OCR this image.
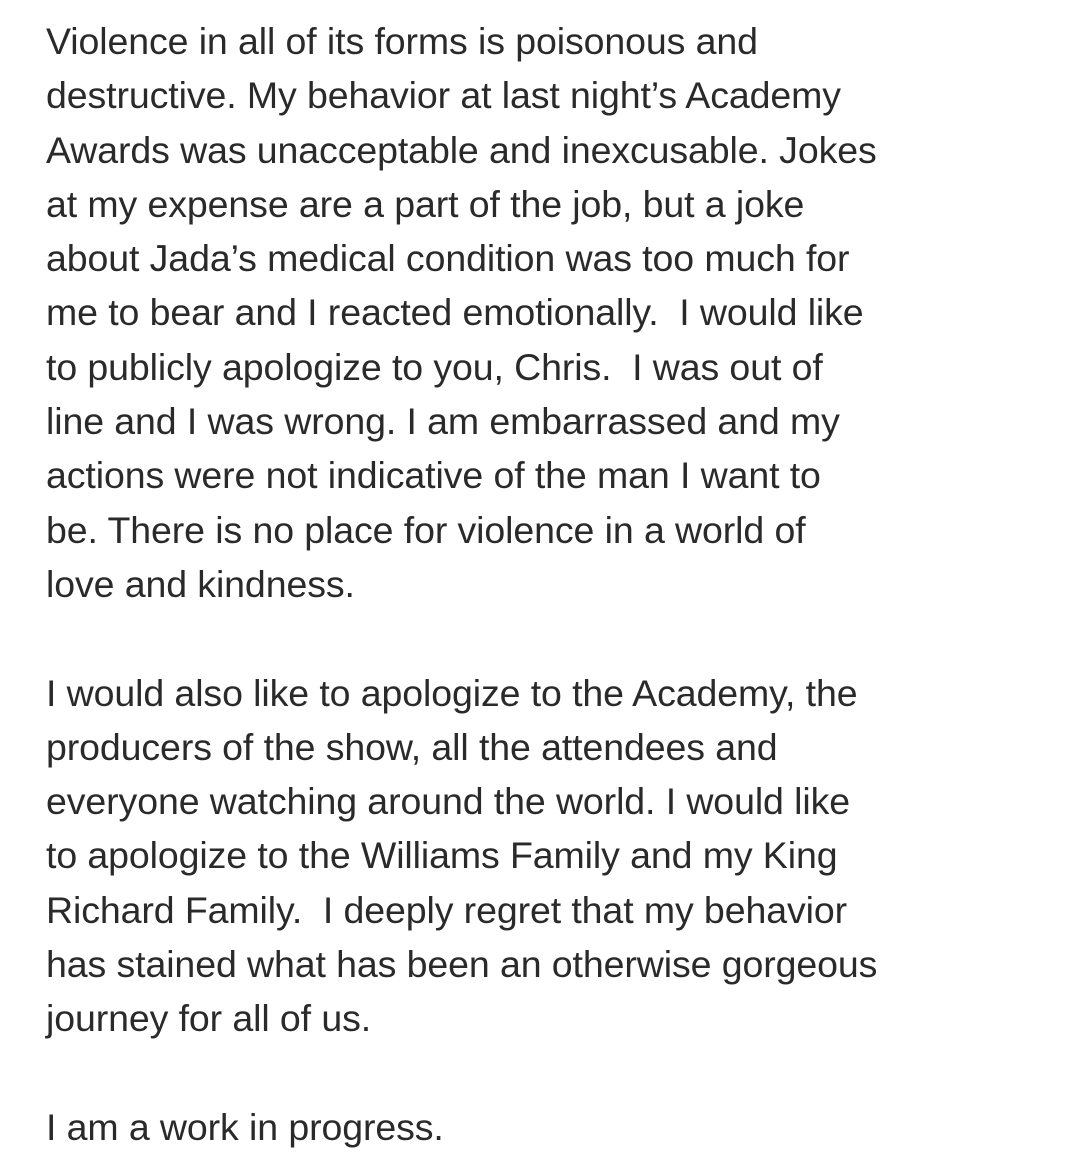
Violence in all of its forms is poisonous and
destructive. My behavior at last night’s Academy
Awards was unacceptable and inexcusable. Jokes
at my expense are a part of the job, but a joke
about Jada’s medical condition was too much for
me to bear and I reacted emotionally.  I would like
to publicly apologize to you, Chris.  I was out of
line and I was wrong. I am embarrassed and my
actions were not indicative of the man I want to
be. There is no place for violence in a world of
love and kindness.
I would also like to apologize to the Academy, the
producers of the show, all the attendees and
everyone watching around the world. I would like
to apologize to the Williams Family and my King
Richard Family.  I deeply regret that my behavior
has stained what has been an otherwise gorgeous
journey for all of us.
I am a work in progress.
